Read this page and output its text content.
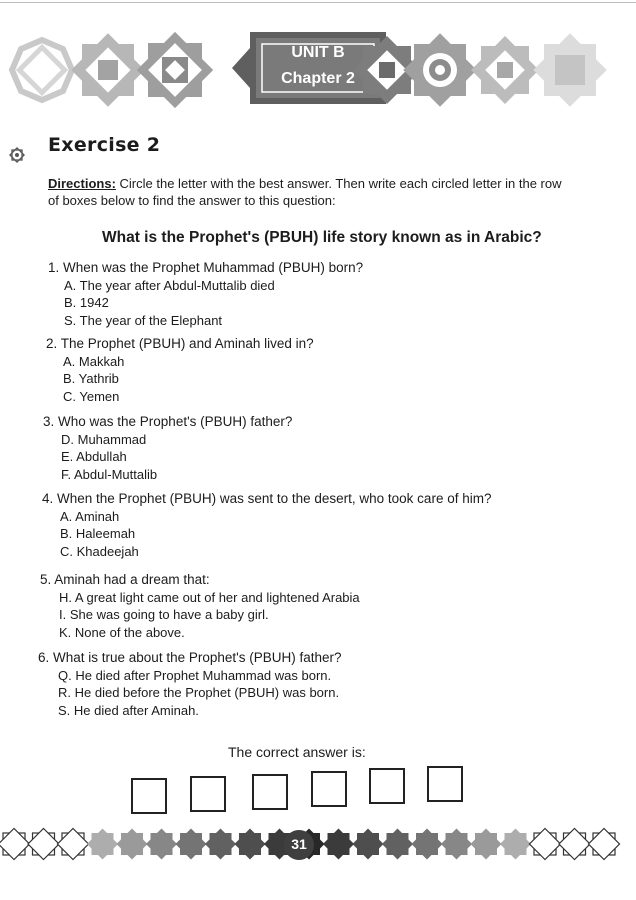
UNIT B
Chapter 2
Exercise 2
Directions: Circle the letter with the best answer. Then write each circled letter in the row
of boxes below to find the answer to this question:
What is the Prophet's (PBUH) life story known as in Arabic?
1. When was the Prophet Muhammad (PBUH) born?
A. The year after Abdul-Muttalib died
B. 1942
S. The year of the Elephant
2. The Prophet (PBUH) and Aminah lived in?
A. Makkah
B. Yathrib
C. Yemen
3. Who was the Prophet's (PBUH) father?
D. Muhammad
E. Abdullah
F. Abdul-Muttalib
4. When the Prophet (PBUH) was sent to the desert, who took care of him?
A. Aminah
B. Haleemah
C. Khadeejah
5. Aminah had a dream that:
H. A great light came out of her and lightened Arabia
I. She was going to have a baby girl.
K. None of the above.
6. What is true about the Prophet's (PBUH) father?
Q. He died after Prophet Muhammad was born.
R. He died before the Prophet (PBUH) was born.
S. He died after Aminah.
The correct answer is:
31
